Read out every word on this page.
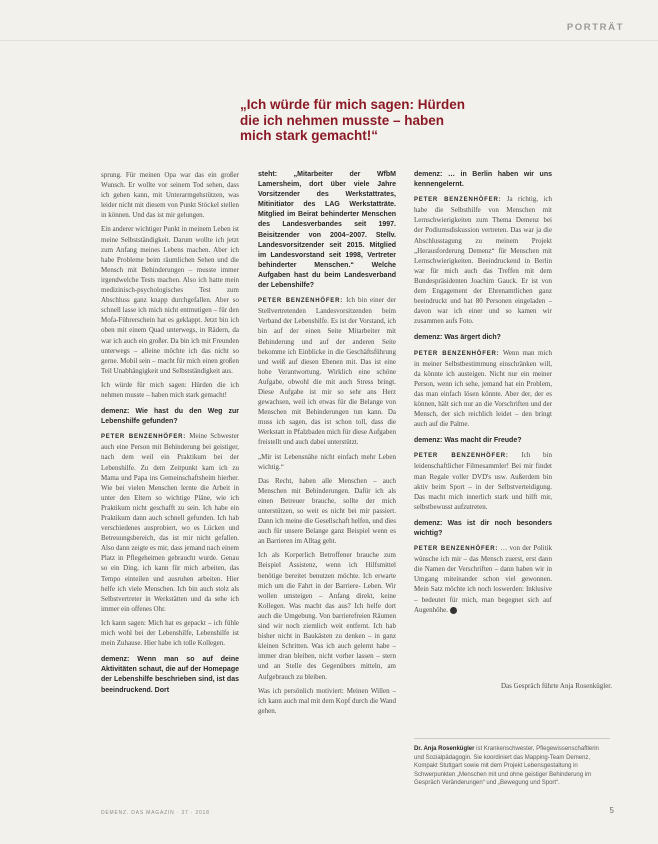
PORTRÄT
„Ich würde für mich sagen: Hürden die ich nehmen musste – haben mich stark gemacht!“

sprung. Für meinen Opa war das ein großer Wunsch. Er wollte vor seinem Tod sehen, dass ich gehen kann, mit Unterarmgehstützen, was leider nicht mit diesem von Punkt Stöckel stellen in können. Und das ist mir gelungen.

Ein anderer wichtiger Punkt in meinem Leben ist meine Selbstständigkeit. Darum wollte ich jetzt zum Anfang meines Lebens machen. Aber ich habe Probleme beim räumlichen Sehen und die Mensch mit Behinderungen – musste immer irgendwelche Tests machen. Also ich hatte mein medizinisch-psychologisches Test zum Abschluss ganz knapp durchgefallen. Aber so schnell lasse ich mich nicht entmutigen – für den Mofa-Führerschein hat es geklappt. Jetzt bin ich oben mit einem Quad unterwegs, in Rädern, da war ich auch ein großer. Da bin ich mit Freunden unterwegs – alleine möchte ich das nicht so gerne. Mobil sein – macht für mich einen großen Teil Unabhängigkeit und Selbstständigkeit aus.

Ich würde für mich sagen: Hürden die ich nehmen musste – haben mich stark gemacht!

demenz: Wie hast du den Weg zur Lebenshilfe gefunden?

PETER BENZENHÖFER: Meine Schwester auch eine Person mit Behinderung bei geistiger, nach dem weil ein Praktikum bei der Lebenshilfe. Zu dem Zeitpunkt kam ich zu Mama und Papa ins Gemeinschaftsheim hierher. Wie bei vielen Menschen lernte die Arbeit in unter den Eltern so wichtige Pläne, wie ich Praktikum nicht geschafft zu sein. Ich habe ein Praktikum dann auch schnell gefunden. Ich hab verschiedenes ausprobiert, wo es Lücken und Betreuungsbereich, das ist mir nicht gefallen. Also dann zeigte es mir, dass jemand nach einem Platz in Pflegeheimen gebraucht wurde. Genau so ein Ding, ich kann für mich arbeiten, das Tempo einteilen und ausruhen arbeiten. Hier helfe ich viele Menschen. Ich bin auch stolz als Selbstvertreter in Werkstätten und da sehe ich immer ein offenes Ohr.

Ich kann sagen: Mich hat es gepackt – ich fühle mich wohl bei der Lebenshilfe, Lebenshilfe ist mein Zuhause. Hier habe ich tolle Kollegen.

demenz: Wenn man so auf deine Aktivitäten schaut, die auf der Homepage der Lebenshilfe beschrieben sind, ist das beeindruckend. Dort

steht: „Mitarbeiter der WfbM Lamersheim, dort über viele Jahre Vorsitzender des Werkstattrates, Mitinitiator des LAG Werkstatträte. Mitglied im Beirat behinderter Menschen des Landesverbandes seit 1997. Beisitzender von 2004–2007. Stellv. Landesvorsitzender seit 2015. Mitglied im Landesvorstand seit 1998, Vertreter behinderter Menschen.“ Welche Aufgaben hast du beim Landesverband der Lebenshilfe?

PETER BENZENHÖFER: Ich bin einer der Stellvertretenden Landesvorsitzenden beim Verband der Lebenshilfe. Es ist der Vorstand, ich bin auf der einen Seite Mitarbeiter mit Behinderung und auf der anderen Seite bekomme ich Einblicke in die Geschäftsführung und weiß auf diesen Ebenen mit. Das ist eine hohe Verantwortung. Wirklich eine schöne Aufgabe, obwohl die mit auch Stress bringt. Diese Aufgabe ist mir so sehr ans Herz gewachsen, weil ich etwas für die Belange von Menschen mit Behinderungen tun kann. Da muss ich sagen, das ist schon toll, dass die Werkstatt in Pfalzbaden mich für diese Aufgaben freistellt und auch dabei unterstützt.

„Mir ist Lebensnähe nicht einfach mehr Leben wichtig.“

Das Recht, haben alle Menschen – auch Menschen mit Behinderungen. Dafür ich als einen Betreuer brauche, sollte der mich unterstützen, so weit es nicht bei mir passiert. Dann ich meine die Gesellschaft helfen, und dies auch für unsere Belange ganz Beispiel wenn es an Barrieren im Alltag geht.

Ich als Korperlich Betroffener brauche zum Beispiel Assistenz, wenn ich Hilfsmittel benötige bereitet benutzen möchte. Ich erwarte mich um die Fahrt in der Barriere- Leben. Wir wollen umsteigen – Anfang direkt, keine Kollegen. Was macht das aus? Ich helfe dort auch die Umgebung. Von barrierefreien Räumen sind wir noch ziemlich weit entfernt. Ich hab bisher nicht in Baukästen zu denken – in ganz kleinen Schritten. Was ich auch gelernt habe – immer dran bleiben, nicht vorher lassen – stern und an Stelle des Gegenübers mitteln, am Aufgebrauch zu bleiben.

Was ich persönlich motiviert: Meinen Willen – ich kann auch mal mit dem Kopf durch die Wand gehen.

demenz: … in Berlin haben wir uns kennengelernt.

PETER BENZENHÖFER: Ja richtig, ich habe die Selbsthilfe von Menschen mit Lernschwierigkeiten zum Thema Demenz bei der Podiumsdiskussion vertreten. Das war ja die Abschlusstagung zu meinem Projekt „Herausforderung Demenz“ für Menschen mit Lernschwierigkeiten. Beeindruckend in Berlin war für mich auch das Treffen mit dem Bundespräsidenten Joachim Gauck. Er ist von dem Engagement der Ehrenamtlichen ganz beeindruckt und hat 80 Personen eingeladen – davon war ich einer und so kamen wir zusammen aufs Foto.

demenz: Was ärgert dich?

PETER BENZENHÖFER: Wenn man mich in meiner Selbstbestimmung einschränken will, da könnte ich austeigen. Nicht nur ein meiner Person, wenn ich sehe, jemand hat ein Problem, das man einfach lösen könnte. Aber der, der es können, hält sich nur an die Vorschriften und der Mensch, der sich reichlich leidet – den bringt auch auf die Palme.

demenz: Was macht dir Freude?

PETER BENZENHÖFER: Ich bin leidenschaftlicher Filmesammler! Bei mir findet man Regale voller DVD's usw. Außerdem bin aktiv beim Sport – in der Selbstverteidigung. Das macht mich innerlich stark und hilft mir, selbstbewusst aufzutreten.

demenz: Was ist dir noch besonders wichtig?

PETER BENZENHÖFER: … von der Politik wünsche ich mir – das Mensch zuerst, erst dann die Namen der Verschriften – dann haben wir in Umgang miteinander schon viel gewonnen. Mein Satz möchte ich noch loswerden: Inklusive – bedeutet für mich, man begegnet sich auf Augenhöhe.

Das Gespräch führte Anja Rosenkügler.
Dr. Anja Rosenkügler ist Krankenschwester, Pflegewissenschaftlerin und Sozialpädagogin. Sie koordiniert das Mapping-Team Demenz, Kompakt Stuttgart sowie mit dem Projekt Lebensgestaltung in Schwerpunkten „Menschen mit und ohne geistiger Behinderung im Gespräch Veränderungen“ und „Bewegung und Sport“.
DEMENZ. DAS MAGAZIN · 37 · 2018	5
